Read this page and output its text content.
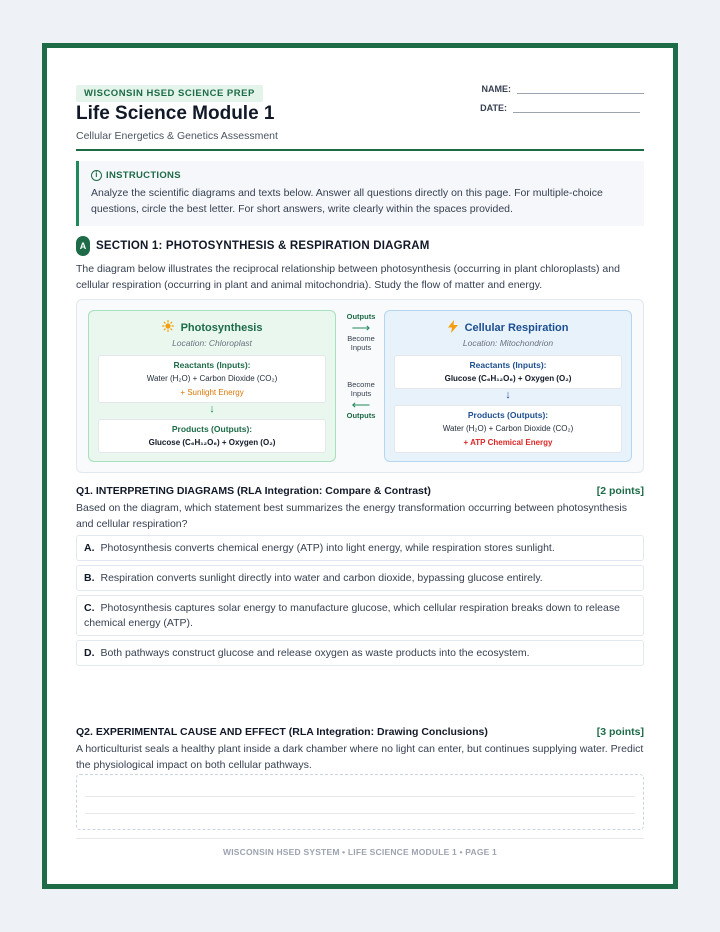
WISCONSIN HSED SCIENCE PREP
Life Science Module 1
Cellular Energetics & Genetics Assessment
NAME:
DATE:
i INSTRUCTIONS
Analyze the scientific diagrams and texts below. Answer all questions directly on this page. For multiple-choice questions, circle the best letter. For short answers, write clearly within the spaces provided.
A SECTION 1: PHOTOSYNTHESIS & RESPIRATION DIAGRAM
The diagram below illustrates the reciprocal relationship between photosynthesis (occurring in plant chloroplasts) and cellular respiration (occurring in plant and animal mitochondria). Study the flow of matter and energy.
Photosynthesis
Location: Chloroplast
Reactants (Inputs):
Water (H₂O) + Carbon Dioxide (CO₂)
+ Sunlight Energy
↓
Products (Outputs):
Glucose (C₆H₁₂O₆) + Oxygen (O₂)
Outputs
⟶
Become Inputs
Become Inputs
⟵
Outputs
Cellular Respiration
Location: Mitochondrion
Reactants (Inputs):
Glucose (C₆H₁₂O₆) + Oxygen (O₂)
↓
Products (Outputs):
Water (H₂O) + Carbon Dioxide (CO₂)
+ ATP Chemical Energy
Q1. INTERPRETING DIAGRAMS (RLA Integration: Compare & Contrast)	[2 points]
Based on the diagram, which statement best summarizes the energy transformation occurring between photosynthesis and cellular respiration?
A. Photosynthesis converts chemical energy (ATP) into light energy, while respiration stores sunlight.
B. Respiration converts sunlight directly into water and carbon dioxide, bypassing glucose entirely.
C. Photosynthesis captures solar energy to manufacture glucose, which cellular respiration breaks down to release chemical energy (ATP).
D. Both pathways construct glucose and release oxygen as waste products into the ecosystem.
Q2. EXPERIMENTAL CAUSE AND EFFECT (RLA Integration: Drawing Conclusions)	[3 points]
A horticulturist seals a healthy plant inside a dark chamber where no light can enter, but continues supplying water. Predict the physiological impact on both cellular pathways.
WISCONSIN HSED SYSTEM • LIFE SCIENCE MODULE 1 • PAGE 1
